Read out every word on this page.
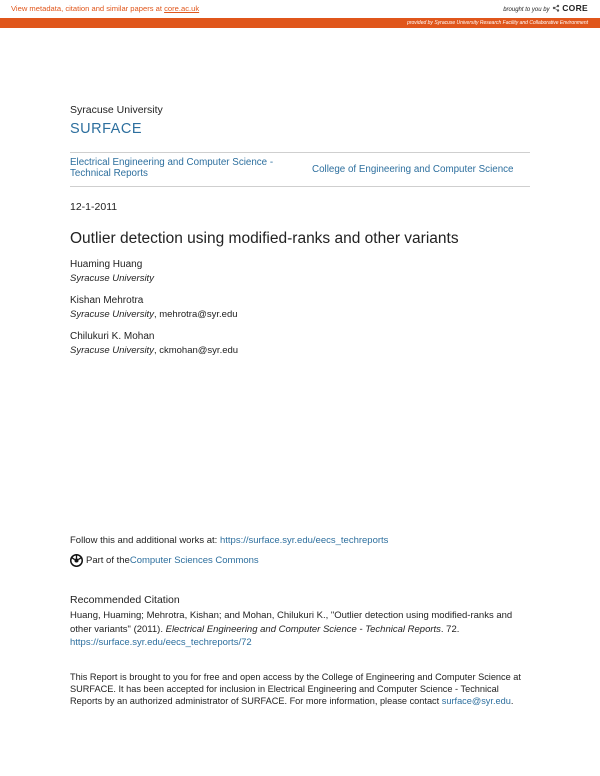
View metadata, citation and similar papers at core.ac.uk	brought to you by CORE
provided by Syracuse University Research Facility and Collaborative Environment
Syracuse University
SURFACE
Electrical Engineering and Computer Science - Technical Reports	College of Engineering and Computer Science
12-1-2011
Outlier detection using modified-ranks and other variants
Huaming Huang
Syracuse University
Kishan Mehrotra
Syracuse University, mehrotra@syr.edu
Chilukuri K. Mohan
Syracuse University, ckmohan@syr.edu
Follow this and additional works at: https://surface.syr.edu/eecs_techreports
Part of the Computer Sciences Commons
Recommended Citation
Huang, Huaming; Mehrotra, Kishan; and Mohan, Chilukuri K., "Outlier detection using modified-ranks and other variants" (2011). Electrical Engineering and Computer Science - Technical Reports. 72.
https://surface.syr.edu/eecs_techreports/72
This Report is brought to you for free and open access by the College of Engineering and Computer Science at SURFACE. It has been accepted for inclusion in Electrical Engineering and Computer Science - Technical Reports by an authorized administrator of SURFACE. For more information, please contact surface@syr.edu.
